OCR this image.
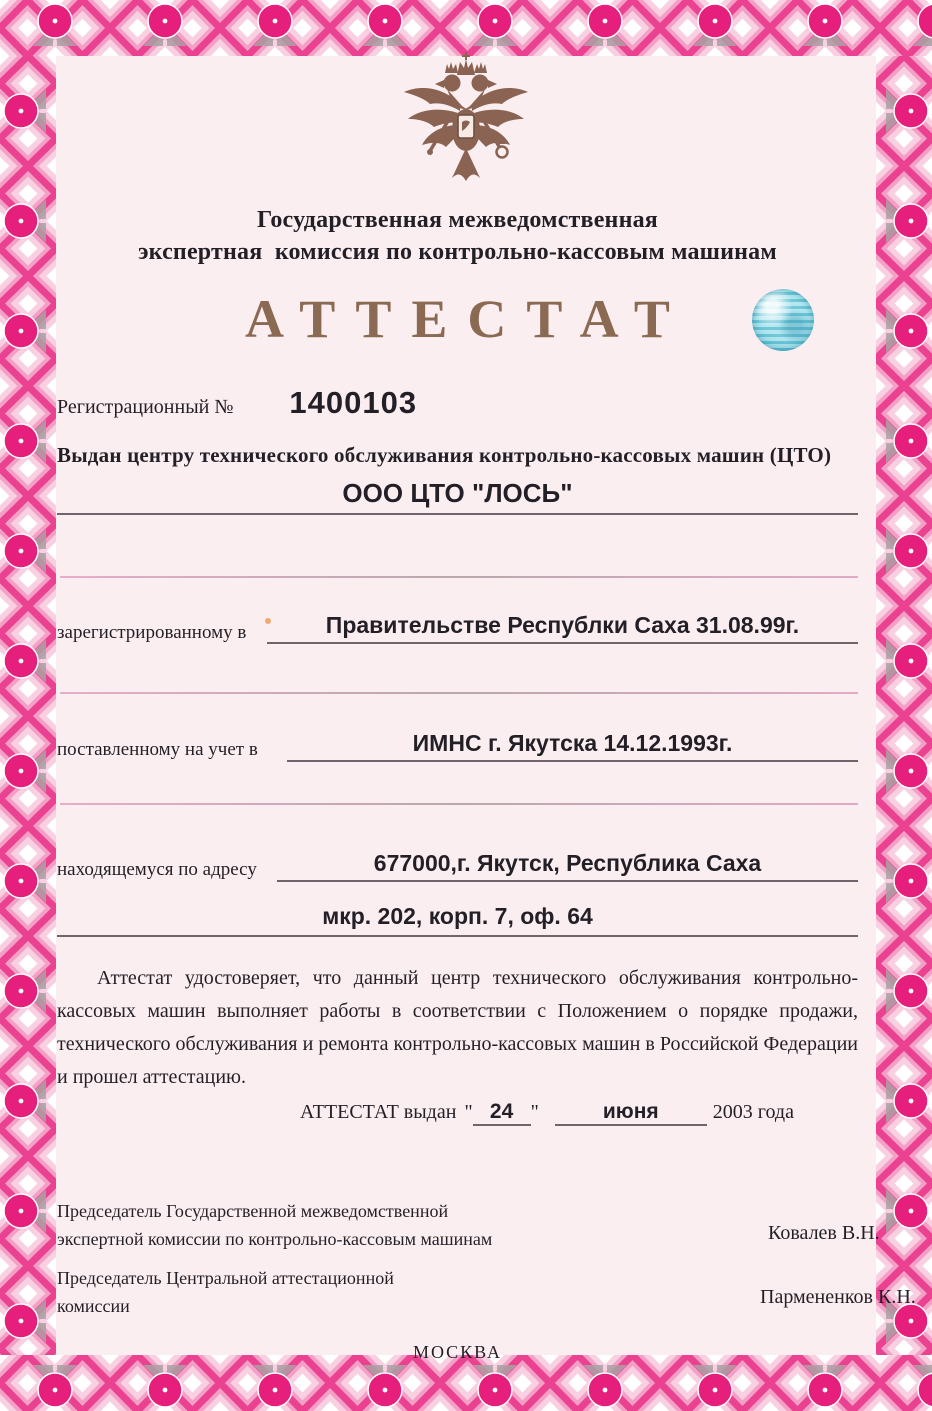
Государственная межведомственная
экспертная  комиссия по контрольно-кассовым машинам
АТТЕСТАТ
Регистрационный № 1400103
Выдан центру технического обслуживания контрольно-кассовых машин (ЦТО)
ООО ЦТО "ЛОСЬ"
зарегистрированному в	Правительстве Республки Саха 31.08.99г.
поставленному на учет в	ИМНС г. Якутска 14.12.1993г.
находящемуся по адресу	677000,г. Якутск, Республика Саха
мкр. 202, корп. 7, оф. 64
Аттестат удостоверяет, что данный центр технического обслуживания контрольно-кассовых машин выполняет работы в соответствии с Положением о порядке продажи, технического обслуживания и ремонта контрольно-кассовых машин в Российской Федерации и прошел аттестацию.
АТТЕСТАТ выдан " 24 "	июня	2003 года
Председатель Государственной межведомственной
экспертной комиссии по контрольно-кассовым машинам	Ковалев В.Н.
Председатель Центральной аттестационной
комиссии	Пармененков К.Н.
МОСКВА
